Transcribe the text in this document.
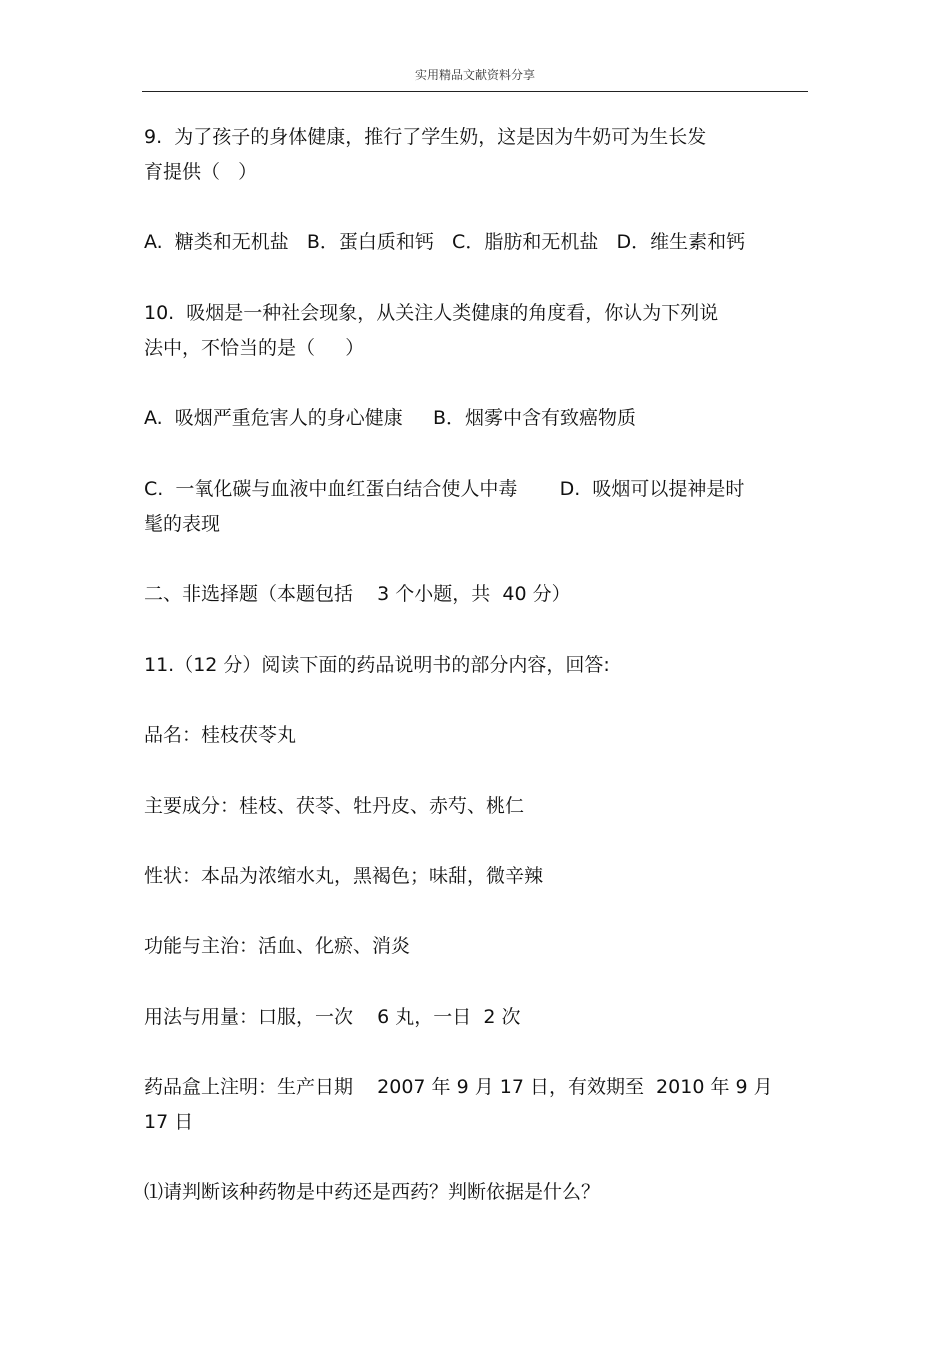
实用精品文献资料分享
9.  为了孩子的身体健康，推行了学生奶，这是因为牛奶可为生长发
育提供（   ）
A.  糖类和无机盐   B．蛋白质和钙   C．脂肪和无机盐   D．维生素和钙
10.  吸烟是一种社会现象，从关注人类健康的角度看，你认为下列说
法中，不恰当的是（     ）
A.  吸烟严重危害人的身心健康     B．烟雾中含有致癌物质
C.  一氧化碳与血液中血红蛋白结合使人中毒       D.  吸烟可以提神是时
髦的表现
二、非选择题（本题包括    3 个小题，共  40 分）
11.（12 分）阅读下面的药品说明书的部分内容，回答:
品名：桂枝茯苓丸
主要成分：桂枝、茯苓、牡丹皮、赤芍、桃仁
性状：本品为浓缩水丸，黑褐色；味甜，微辛辣
功能与主治：活血、化瘀、消炎
用法与用量：口服，一次    6 丸，一日  2 次
药品盒上注明：生产日期    2007 年 9 月 17 日，有效期至  2010 年 9 月
17 日
⑴请判断该种药物是中药还是西药？判断依据是什么？
